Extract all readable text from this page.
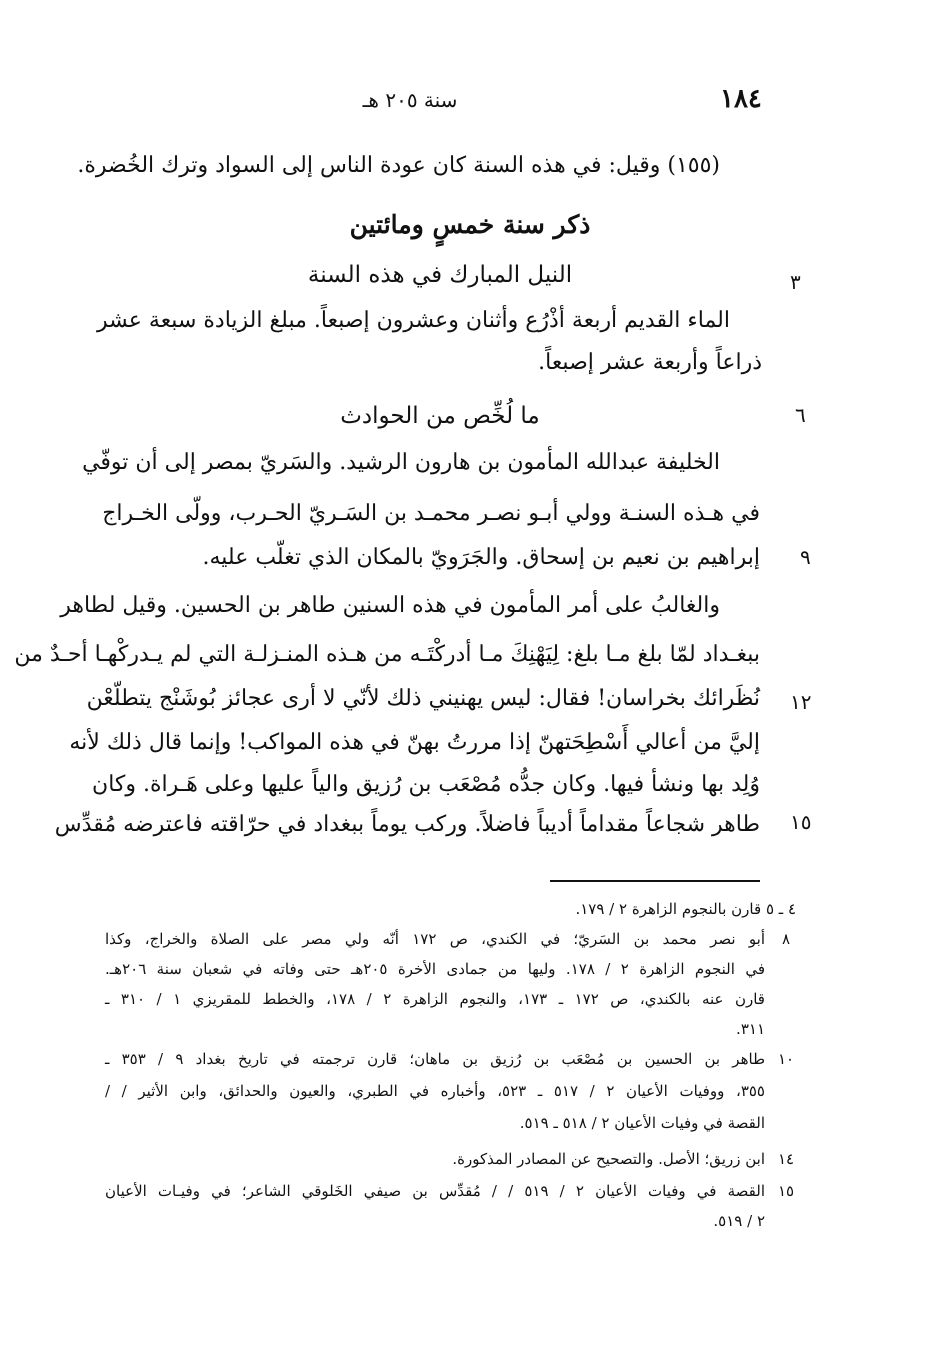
١٨٤
سنة ٢٠٥ هـ
(١٥٥) وقيل: في هذه السنة كان عودة الناس إلى السواد وترك الخُضرة.
ذكر سنة خمسٍ ومائتين
النيل المبارك في هذه السنة	٣
الماء القديم أربعة أذْرُع وأثنان وعشرون إصبعاً. مبلغ الزيادة سبعة عشر
ذراعاً وأربعة عشر إصبعاً.
ما لُخِّص من الحوادث	٦
الخليفة عبدالله المأمون بن هارون الرشيد. والسَريّ بمصر إلى أن توفّي
في هـذه السنـة وولي أبـو نصـر محمـد بن السَـريّ الحـرب، وولّى الخـراج
إبراهيم بن نعيم بن إسحاق. والجَرَويّ بالمكان الذي تغلّب عليه. ٩
والغالبُ على أمر المأمون في هذه السنين طاهر بن الحسين. وقيل لطاهر
ببغـداد لمّا بلغ مـا بلغ: لِيَهْنِكَ مـا أدركْتَـه من هـذه المنـزلـة التي لم يـدركْهـا أحـدٌ من
نُظَرائك بخراسان! فقال: ليس يهنيني ذلك لأنّي لا أرى عجائز بُوشَنْج يتطلّعْن ١٢
إليَّ من أعالي أَسْطِحَتهنّ إذا مررتُ بهنّ في هذه المواكب! وإنما قال ذلك لأنه
وُلِد بها ونشأ فيها. وكان جدُّه مُصْعَب بن رُزيق والياً عليها وعلى هَـراة. وكان
طاهر شجاعاً مقداماً أديباً فاضلاً. وركب يوماً ببغداد في حرّاقته فاعترضه مُقدِّس ١٥
٤ ـ ٥ قارن بالنجوم الزاهرة ٢ / ١٧٩.
٨
أبو نصر محمد بن السَريّ؛ في الكندي، ص ١٧٢ أنّه ولي مصر على الصلاة والخراج، وكذا
في النجوم الزاهرة ٢ / ١٧٨. وليها من جمادى الأخرة ٢٠٥هـ حتى وفاته في شعبان سنة ٢٠٦هـ.
قارن عنه بالكندي، ص ١٧٢ ـ ١٧٣، والنجوم الزاهرة ٢ / ١٧٨، والخطط للمقريزي ١ / ٣١٠ ـ
٣١١.
١٠
طاهر بن الحسين بن مُصْعَب بن رُزيق بن ماهان؛ قارن ترجمته في تاريخ بغداد ٩ / ٣٥٣ ـ
٣٥٥، ووفيات الأعيان ٢ / ٥١٧ ـ ٥٢٣، وأخباره في الطبري، والعيون والحدائق، وابن الأثير / /
القصة في وفيات الأعيان ٢ / ٥١٨ ـ ٥١٩.
١٤
ابن زريق؛ الأصل. والتصحيح عن المصادر المذكورة.
١٥
القصة في وفيات الأعيان ٢ / ٥١٩ / / مُقدِّس بن صيفي الخَلوقي الشاعر؛ في وفيـات الأعيان
٢ / ٥١٩.
